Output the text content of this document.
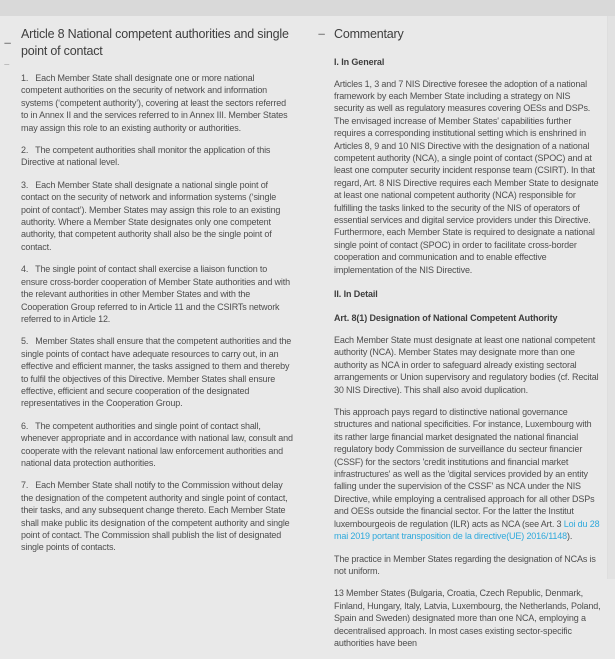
–
–
–
Article 8 National competent authorities and single point of contact

1.   Each Member State shall designate one or more national competent authorities on the security of network and information systems (‘competent authority’), covering at least the sectors referred to in Annex II and the services referred to in Annex III. Member States may assign this role to an existing authority or authorities.

2.   The competent authorities shall monitor the application of this Directive at national level.

3.   Each Member State shall designate a national single point of contact on the security of network and information systems (‘single point of contact’). Member States may assign this role to an existing authority. Where a Member State designates only one competent authority, that competent authority shall also be the single point of contact.

4.   The single point of contact shall exercise a liaison function to ensure cross-border cooperation of Member State authorities and with the relevant authorities in other Member States and with the Cooperation Group referred to in Article 11 and the CSIRTs network referred to in Article 12.

5.   Member States shall ensure that the competent authorities and the single points of contact have adequate resources to carry out, in an effective and efficient manner, the tasks assigned to them and thereby to fulfil the objectives of this Directive. Member States shall ensure effective, efficient and secure cooperation of the designated representatives in the Cooperation Group.

6.   The competent authorities and single point of contact shall, whenever appropriate and in accordance with national law, consult and cooperate with the relevant national law enforcement authorities and national data protection authorities.

7.   Each Member State shall notify to the Commission without delay the designation of the competent authority and single point of contact, their tasks, and any subsequent change thereto. Each Member State shall make public its designation of the competent authority and single point of contact. The Commission shall publish the list of designated single points of contacts.

Commentary
I. In General

Articles 1, 3 and 7 NIS Directive foresee the adoption of a national framework by each Member State including a strategy on NIS security as well as regulatory measures covering OESs and DSPs. The envisaged increase of Member States' capabilities further requires a corresponding institutional setting which is enshrined in Articles 8, 9 and 10 NIS Directive with the designation of a national competent authority (NCA), a single point of contact (SPOC) and at least one computer security incident response team (CSIRT). In that regard, Art. 8 NIS Directive requires each Member State to designate at least one national competent authority (NCA) responsible for fulfilling the tasks linked to the security of the NIS of operators of essential services and digital service providers under this Directive. Furthermore, each Member State is required to designate a national single point of contact (SPOC) in order to facilitate cross-border cooperation and communication and to enable effective implementation of the NIS Directive.

II. In Detail
Art. 8(1) Designation of National Competent Authority

Each Member State must designate at least one national competent authority (NCA). Member States may designate more than one authority as NCA in order to safeguard already existing sectoral arrangements or Union supervisory and regulatory bodies (cf. Recital 30 NIS Directive). This shall also avoid duplication.

This approach pays regard to distinctive national governance structures and national specificities. For instance, Luxembourg with its rather large financial market designated the national financial regulatory body Commission de surveillance du secteur financier (CSSF) for the sectors 'credit institutions and financial market infrastructures' as well as the 'digital services provided by an entity falling under the supervision of the CSSF' as NCA under the NIS Directive, while employing a centralised approach for all other DSPs and OESs outside the financial sector. For the latter the Institut luxembourgeois de regulation (ILR) acts as NCA (see Art. 3 Loi du 28 mai 2019 portant transposition de la directive(UE) 2016/1148).

The practice in Member States regarding the designation of NCAs is not uniform.

13 Member States (Bulgaria, Croatia, Czech Republic, Denmark, Finland, Hungary, Italy, Latvia, Luxembourg, the Netherlands, Poland, Spain and Sweden) designated more than one NCA, employing a decentralised approach. In most cases existing sector-specific authorities have been
